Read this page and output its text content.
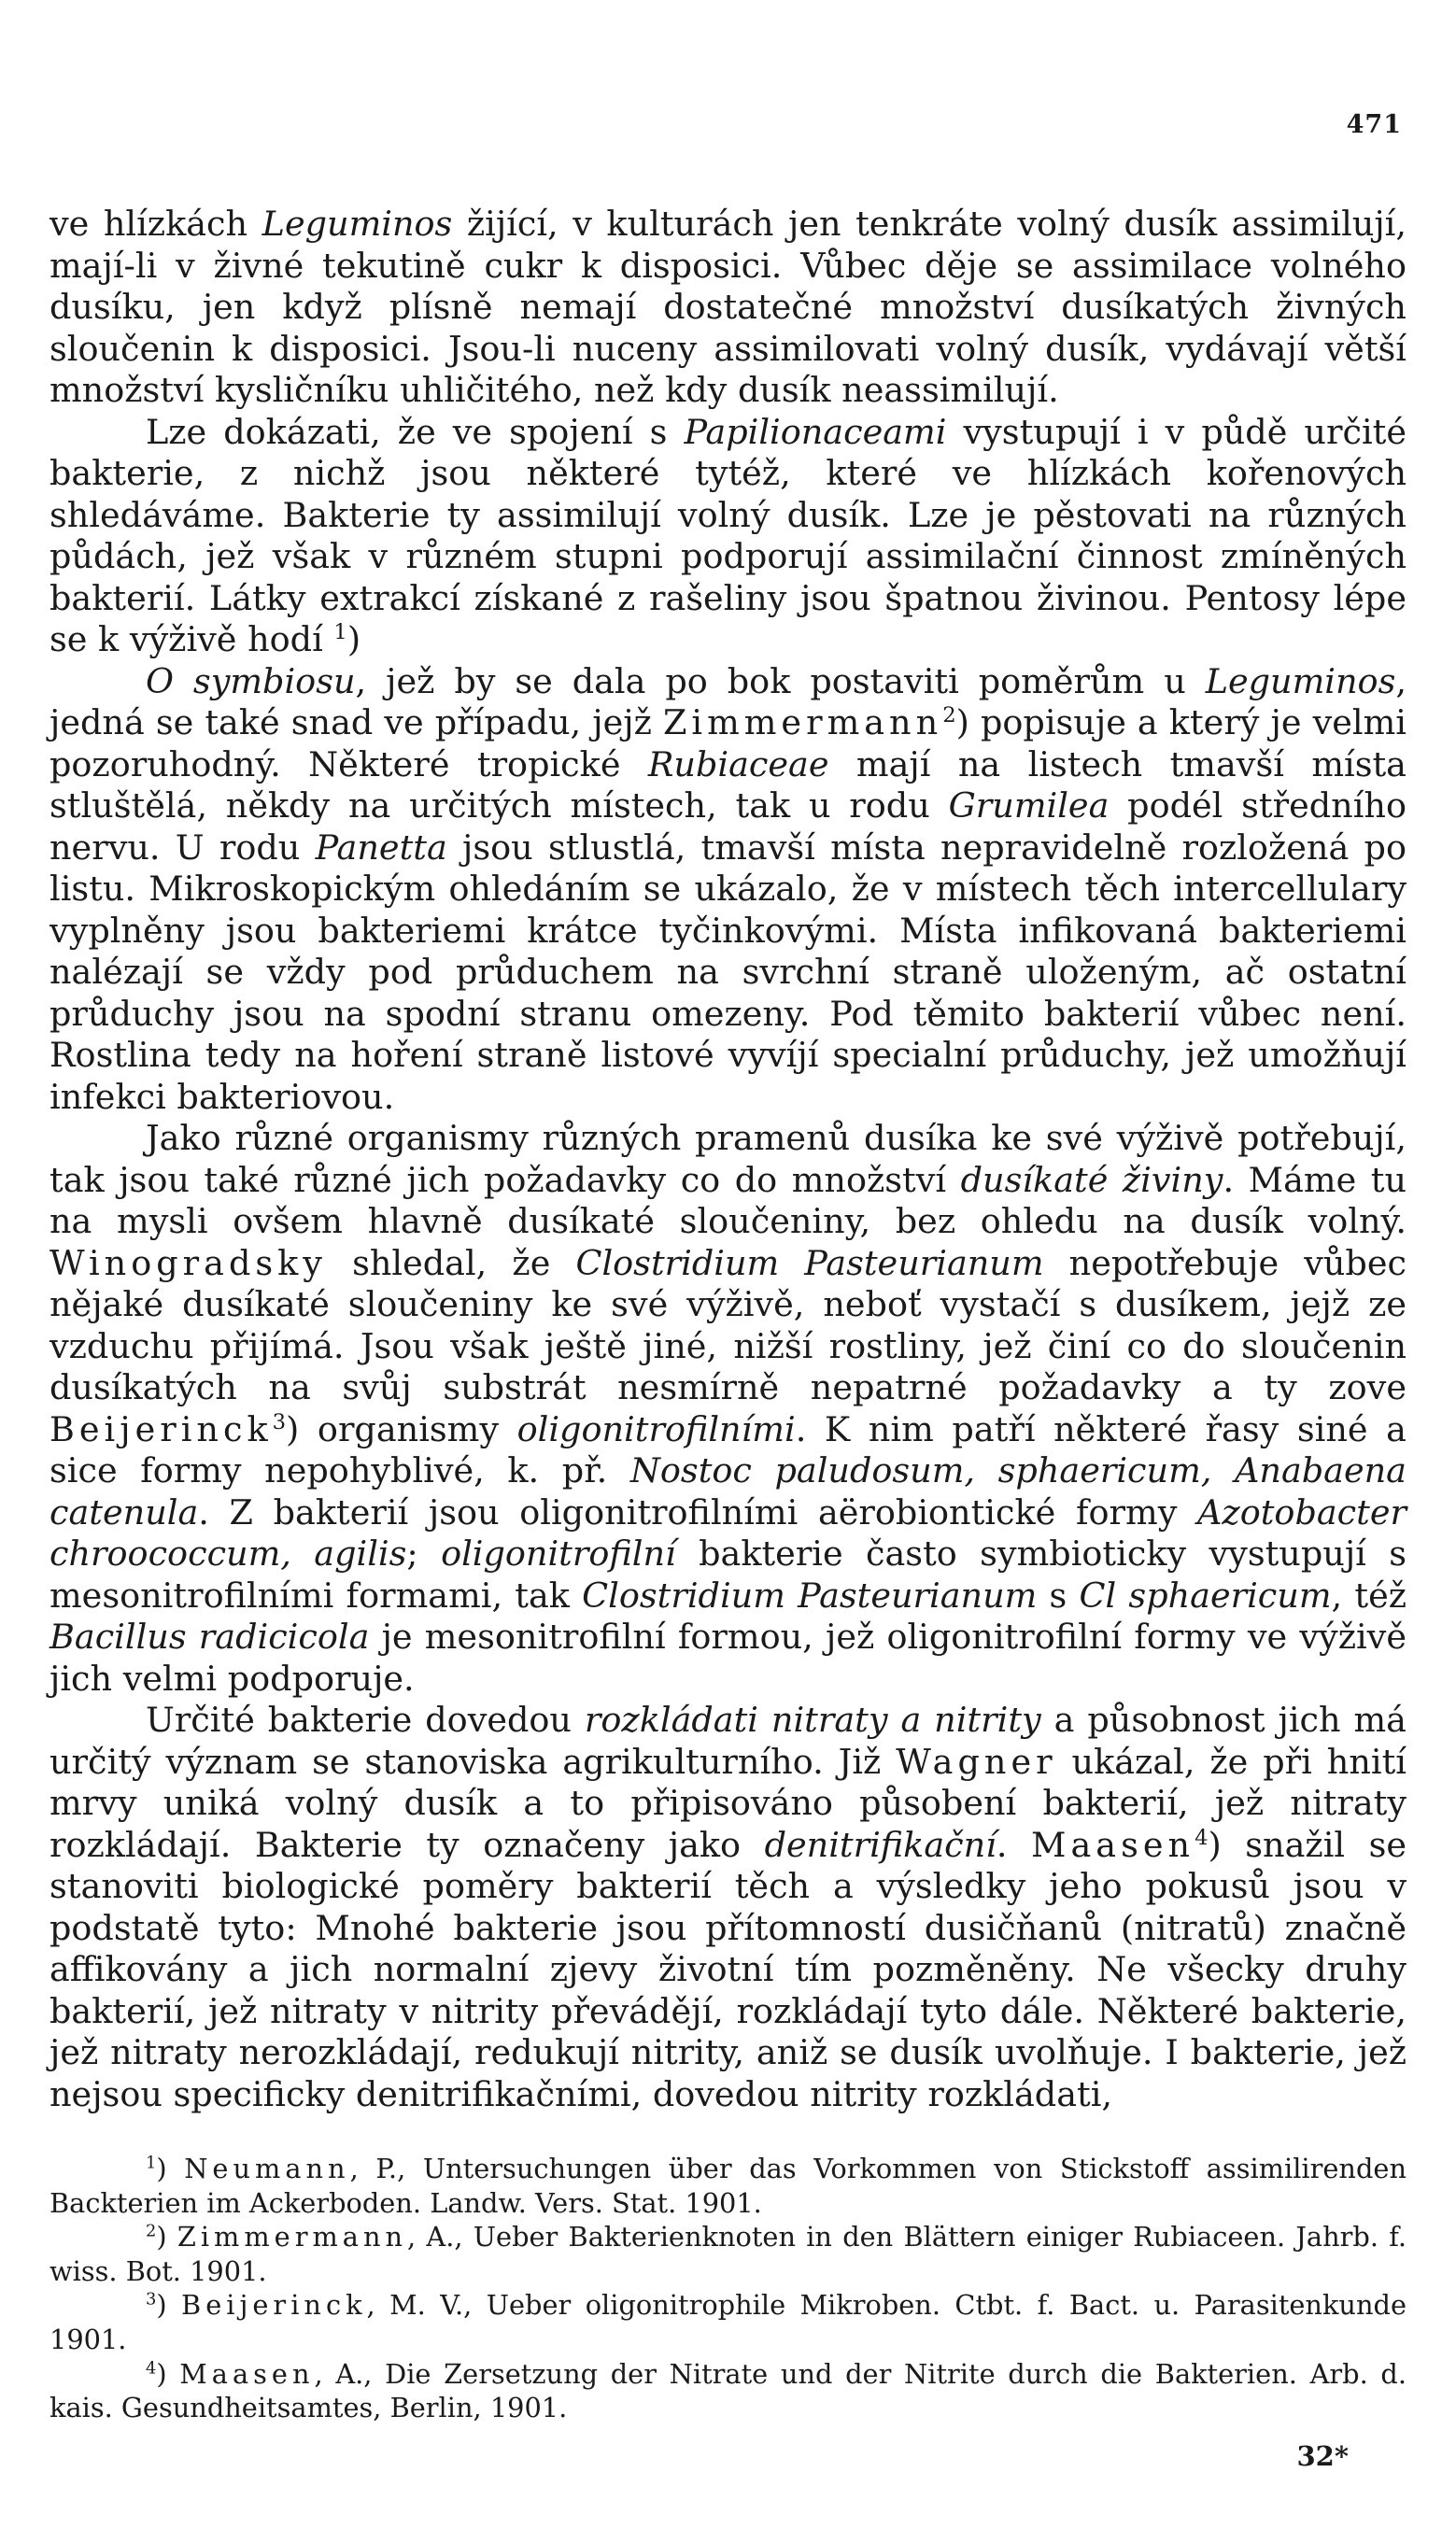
471

ve hlízkách Leguminos žijící, v kulturách jen tenkráte volný dusík assimilují, mají-li v živné tekutině cukr k disposici. Vůbec děje se assimilace volného dusíku, jen když plísně nemají dostatečné množství dusíkatých živných sloučenin k disposici. Jsou-li nuceny assimilovati volný dusík, vydávají větší množství kysličníku uhličitého, než kdy dusík neassimilují.

Lze dokázati, že ve spojení s Papilionaceami vystupují i v půdě určité bakterie, z nichž jsou některé tytéž, které ve hlízkách kořenových shledáváme. Bakterie ty assimilují volný dusík. Lze je pěstovati na různých půdách, jež však v různém stupni podporují assimilační činnost zmíněných bakterií. Látky extrakcí získané z rašeliny jsou špatnou živinou. Pentosy lépe se k výživě hodí $^1$)

O symbiosu, jež by se dala po bok postaviti poměrům u Leguminos, jedná se také snad ve případu, jejž Zimmermann$^2$) popisuje a který je velmi pozoruhodný. Některé tropické Rubiaceae mají na listech tmavší místa stluštělá, někdy na určitých místech, tak u rodu Grumilea podél středního nervu. U rodu Panetta jsou stlustlá, tmavší místa nepravidelně rozložená po listu. Mikroskopickým ohledáním se ukázalo, že v místech těch intercellulary vyplněny jsou bakteriemi krátce tyčinkovými. Místa infikovaná bakteriemi nalézají se vždy pod průduchem na svrchní straně uloženým, ač ostatní průduchy jsou na spodní stranu omezeny. Pod těmito bakterií vůbec není. Rostlina tedy na hoření straně listové vyvíjí specialní průduchy, jež umožňují infekci bakteriovou.

Jako různé organismy různých pramenů dusíka ke své výživě potřebují, tak jsou také různé jich požadavky co do množství dusíkaté živiny. Máme tu na mysli ovšem hlavně dusíkaté sloučeniny, bez ohledu na dusík volný. Winogradsky shledal, že Clostridium Pasteurianum nepotřebuje vůbec nějaké dusíkaté sloučeniny ke své výživě, neboť vystačí s dusíkem, jejž ze vzduchu přijímá. Jsou však ještě jiné, nižší rostliny, jež činí co do sloučenin dusíkatých na svůj substrát nesmírně nepatrné požadavky a ty zove Beijerinck$^3$) organismy oligonitrofilními. K nim patří některé řasy siné a sice formy nepohyblivé, k. př. Nostoc paludosum, sphaericum, Anabaena catenula. Z bakterií jsou oligonitrofilními aërobiontické formy Azotobacter chroococcum, agilis; oligonitrofilní bakterie často symbioticky vystupují s mesonitrofilními formami, tak Clostridium Pasteurianum s Cl sphaericum, též Bacillus radicicola je mesonitrofilní formou, jež oligonitrofilní formy ve výživě jich velmi podporuje.

Určité bakterie dovedou rozkládati nitraty a nitrity a působnost jich má určitý význam se stanoviska agrikulturního. Již Wagner ukázal, že při hnití mrvy uniká volný dusík a to připisováno působení bakterií, jež nitraty rozkládají. Bakterie ty označeny jako denitrifikační. Maasen$^4$) snažil se stanoviti biologické poměry bakterií těch a výsledky jeho pokusů jsou v podstatě tyto: Mnohé bakterie jsou přítomností dusičňanů (nitratů) značně affikovány a jich normalní zjevy životní tím pozměněny. Ne všecky druhy bakterií, jež nitraty v nitrity převádějí, rozkládají tyto dále. Některé bakterie, jež nitraty nerozkládají, redukují nitrity, aniž se dusík uvolňuje. I bakterie, jež nejsou specificky denitrifikačními, dovedou nitrity rozkládati,

$^1$) Neumann, P., Untersuchungen über das Vorkommen von Stickstoff assimilirenden Backterien im Ackerboden. Landw. Vers. Stat. 1901.

$^2$) Zimmermann, A., Ueber Bakterienknoten in den Blättern einiger Rubiaceen. Jahrb. f. wiss. Bot. 1901.

$^3$) Beijerinck, M. V., Ueber oligonitrophile Mikroben. Ctbt. f. Bact. u. Parasitenkunde 1901.

$^4$) Maasen, A., Die Zersetzung der Nitrate und der Nitrite durch die Bakterien. Arb. d. kais. Gesundheitsamtes, Berlin, 1901.

32*
